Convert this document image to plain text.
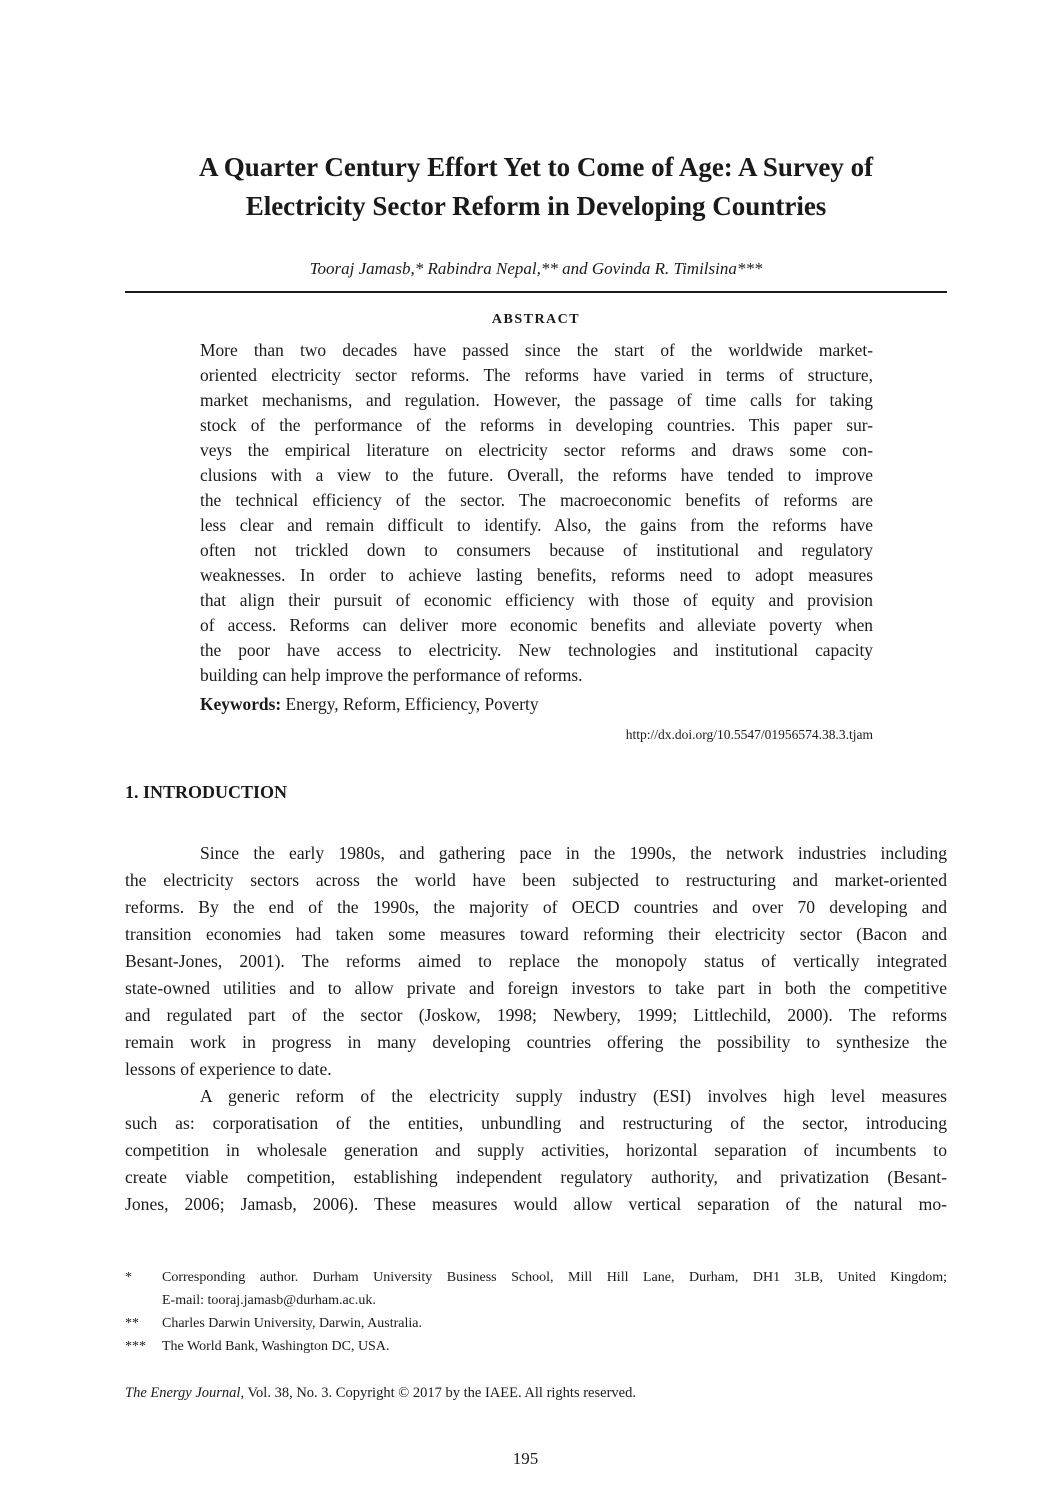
A Quarter Century Effort Yet to Come of Age: A Survey of
Electricity Sector Reform in Developing Countries
Tooraj Jamasb,* Rabindra Nepal,** and Govinda R. Timilsina***
ABSTRACT
More than two decades have passed since the start of the worldwide market-
oriented electricity sector reforms. The reforms have varied in terms of structure,
market mechanisms, and regulation. However, the passage of time calls for taking
stock of the performance of the reforms in developing countries. This paper sur-
veys the empirical literature on electricity sector reforms and draws some con-
clusions with a view to the future. Overall, the reforms have tended to improve
the technical efficiency of the sector. The macroeconomic benefits of reforms are
less clear and remain difficult to identify. Also, the gains from the reforms have
often not trickled down to consumers because of institutional and regulatory
weaknesses. In order to achieve lasting benefits, reforms need to adopt measures
that align their pursuit of economic efficiency with those of equity and provision
of access. Reforms can deliver more economic benefits and alleviate poverty when
the poor have access to electricity. New technologies and institutional capacity
building can help improve the performance of reforms.
Keywords: Energy, Reform, Efficiency, Poverty
http://dx.doi.org/10.5547/01956574.38.3.tjam
1. INTRODUCTION
Since the early 1980s, and gathering pace in the 1990s, the network industries including
the electricity sectors across the world have been subjected to restructuring and market-oriented
reforms. By the end of the 1990s, the majority of OECD countries and over 70 developing and
transition economies had taken some measures toward reforming their electricity sector (Bacon and
Besant-Jones, 2001). The reforms aimed to replace the monopoly status of vertically integrated
state-owned utilities and to allow private and foreign investors to take part in both the competitive
and regulated part of the sector (Joskow, 1998; Newbery, 1999; Littlechild, 2000). The reforms
remain work in progress in many developing countries offering the possibility to synthesize the
lessons of experience to date.
A generic reform of the electricity supply industry (ESI) involves high level measures
such as: corporatisation of the entities, unbundling and restructuring of the sector, introducing
competition in wholesale generation and supply activities, horizontal separation of incumbents to
create viable competition, establishing independent regulatory authority, and privatization (Besant-
Jones, 2006; Jamasb, 2006). These measures would allow vertical separation of the natural mo-
* Corresponding author. Durham University Business School, Mill Hill Lane, Durham, DH1 3LB, United Kingdom;
E-mail: tooraj.jamasb@durham.ac.uk.
** Charles Darwin University, Darwin, Australia.
*** The World Bank, Washington DC, USA.
The Energy Journal, Vol. 38, No. 3. Copyright © 2017 by the IAEE. All rights reserved.
195
